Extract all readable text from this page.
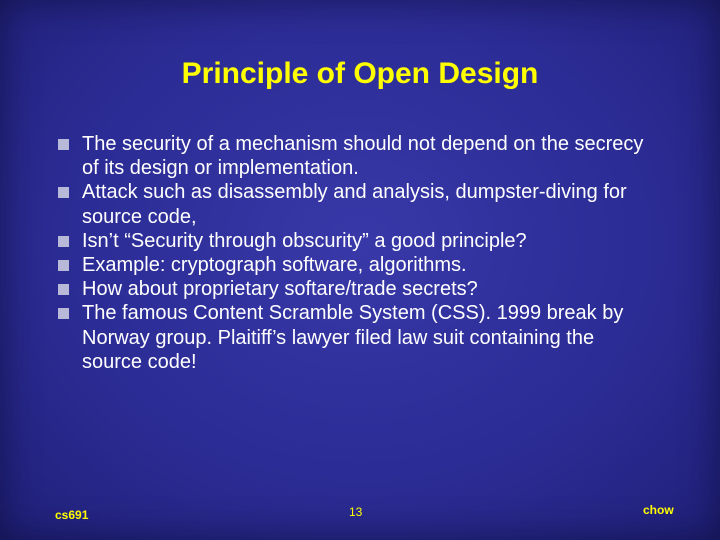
Principle of Open Design
The security of a mechanism should not depend on the secrecy of its design or implementation.
Attack such as disassembly and analysis, dumpster-diving for source code,
Isn’t “Security through obscurity” a good principle?
Example: cryptograph software, algorithms.
How about proprietary softare/trade secrets?
The famous Content Scramble System (CSS). 1999 break by Norway group. Plaitiff’s lawyer filed law suit containing the source code!
cs691	13	chow
